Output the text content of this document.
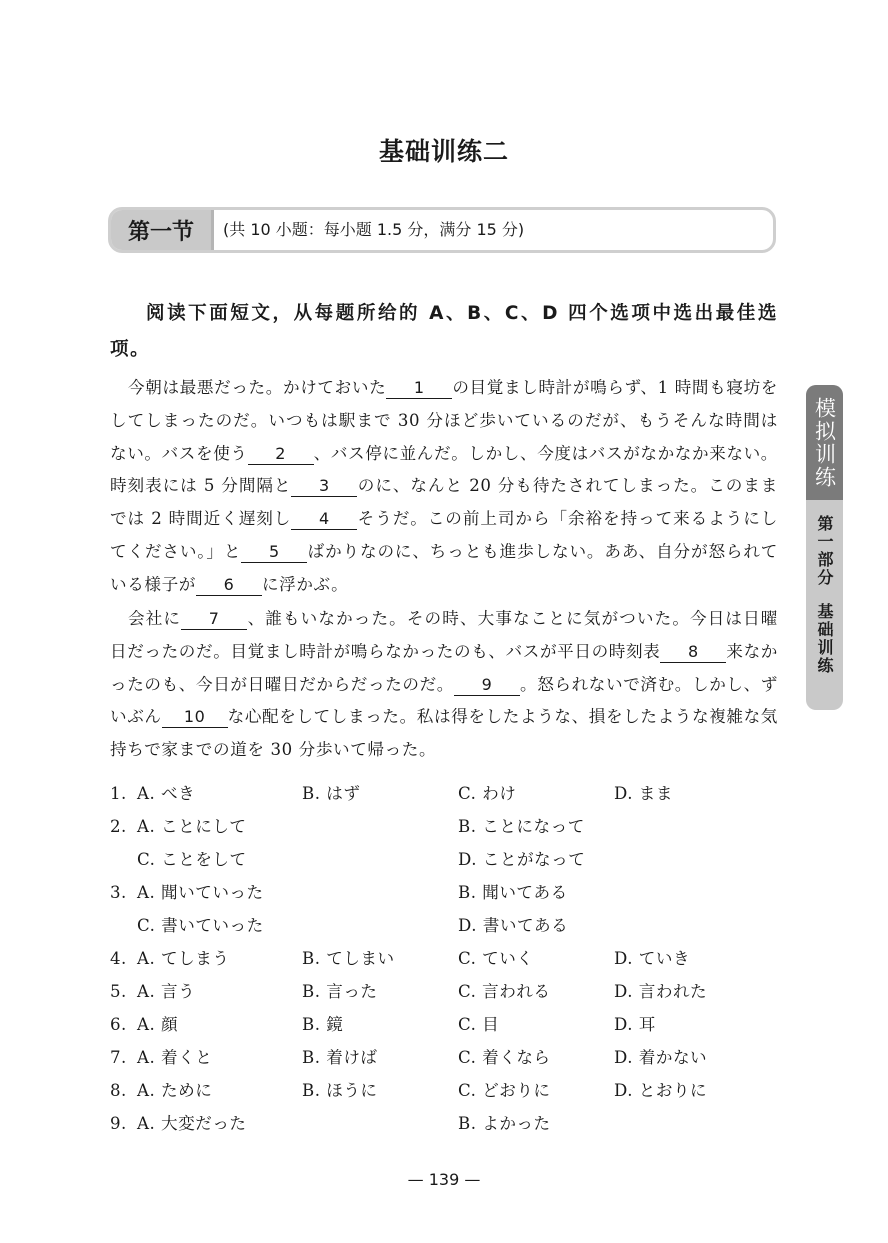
基础训练二
第一节	(共 10 小题：每小题 1.5 分，满分 15 分)
阅读下面短文，从每题所给的 A、B、C、D 四个选项中选出最佳选项。

今朝は最悪だった。かけておいた 1 の目覚まし時計が鳴らず、1 時間も寝坊をしてしまったのだ。いつもは駅まで 30 分ほど歩いているのだが、もうそんな時間はない。バスを使う 2 、バス停に並んだ。しかし、今度はバスがなかなか来ない。時刻表には 5 分間隔と 3 のに、なんと 20 分も待たされてしまった。このままでは 2 時間近く遅刻し 4 そうだ。この前上司から「余裕を持って来るようにしてください。」と 5 ばかりなのに、ちっとも進歩しない。ああ、自分が怒られている様子が 6 に浮かぶ。

会社に 7 、誰もいなかった。その時、大事なことに気がついた。今日は日曜日だったのだ。目覚まし時計が鳴らなかったのも、バスが平日の時刻表 8 来なかったのも、今日が日曜日だからだったのだ。 9 。怒られないで済む。しかし、ずいぶん 10 な心配をしてしまった。私は得をしたような、損をしたような複雑な気持ちで家までの道を 30 分歩いて帰った。

1. A. べき	B. はず	C. わけ	D. まま
2. A. ことにして	B. ことになって
C. ことをして	D. ことがなって
3. A. 聞いていった	B. 聞いてある
C. 書いていった	D. 書いてある
4. A. てしまう	B. てしまい	C. ていく	D. ていき
5. A. 言う	B. 言った	C. 言われる	D. 言われた
6. A. 顔	B. 鏡	C. 目	D. 耳
7. A. 着くと	B. 着けば	C. 着くなら	D. 着かない
8. A. ために	B. ほうに	C. どおりに	D. とおりに
9. A. 大変だった	B. よかった
模拟训练
第一部分
基础训练
— 139 —
